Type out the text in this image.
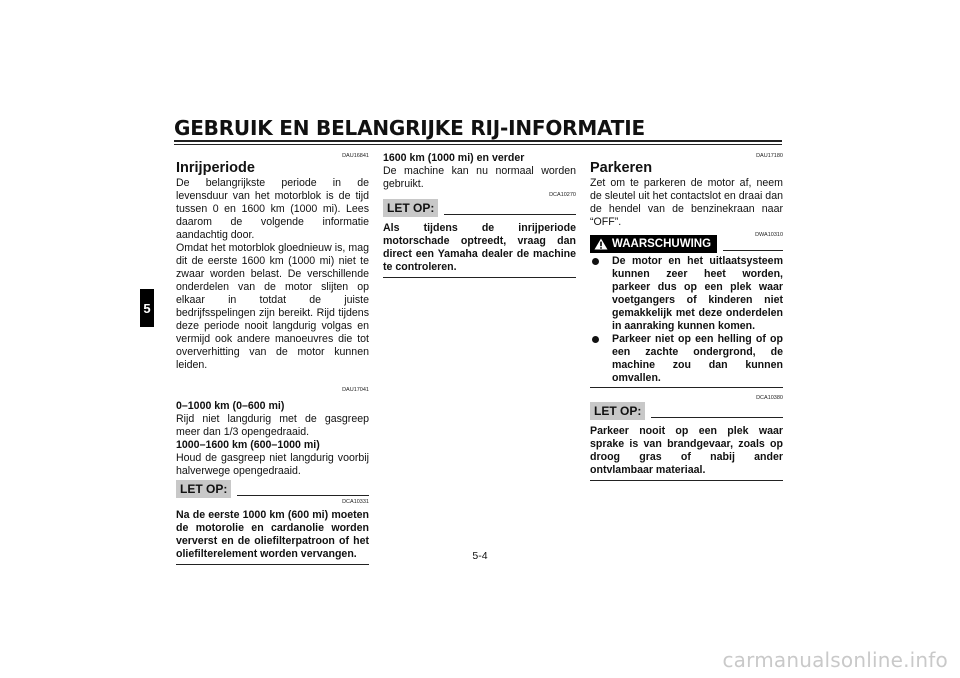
GEBRUIK EN BELANGRIJKE RIJ-INFORMATIE
5
DAU16841
Inrijperiode

De belangrijkste periode in de levensduur van het motorblok is de tijd tussen 0 en 1600 km (1000 mi). Lees daarom de volgende informatie aandachtig door.

Omdat het motorblok gloednieuw is, mag dit de eerste 1600 km (1000 mi) niet te zwaar worden belast. De verschillende onderdelen van de motor slijten op elkaar in totdat de juiste bedrijfsspelingen zijn bereikt. Rijd tijdens deze periode nooit langdurig volgas en vermijd ook andere manoeuvres die tot oververhitting van de motor kunnen leiden.

DAU17041
0–1000 km (0–600 mi)

Rijd niet langdurig met de gasgreep meer dan 1/3 opengedraaid.

1000–1600 km (600–1000 mi)

Houd de gasgreep niet langdurig voorbij halverwege opengedraaid.

LET OP:
DCA10331
Na de eerste 1000 km (600 mi) moeten de motorolie en cardanolie worden ververst en de oliefilterpatroon of het oliefilterelement worden vervangen.
1600 km (1000 mi) en verder

De machine kan nu normaal worden gebruikt.

DCA10270
LET OP:
Als tijdens de inrijperiode motorschade optreedt, vraag dan direct een Yamaha dealer de machine te controleren.
DAU17180
Parkeren

Zet om te parkeren de motor af, neem de sleutel uit het contactslot en draai dan de hendel van de benzinekraan naar “OFF”.

WAARSCHUWING
DWA10310
De motor en het uitlaatsysteem kunnen zeer heet worden, parkeer dus op een plek waar voetgangers of kinderen niet gemakkelijk met deze onderdelen in aanraking kunnen komen.
Parkeer niet op een helling of op een zachte ondergrond, de machine zou dan kunnen omvallen.
DCA10380
LET OP:
Parkeer nooit op een plek waar sprake is van brandgevaar, zoals op droog gras of nabij ander ontvlambaar materiaal.
5-4
carmanualsonline.info
